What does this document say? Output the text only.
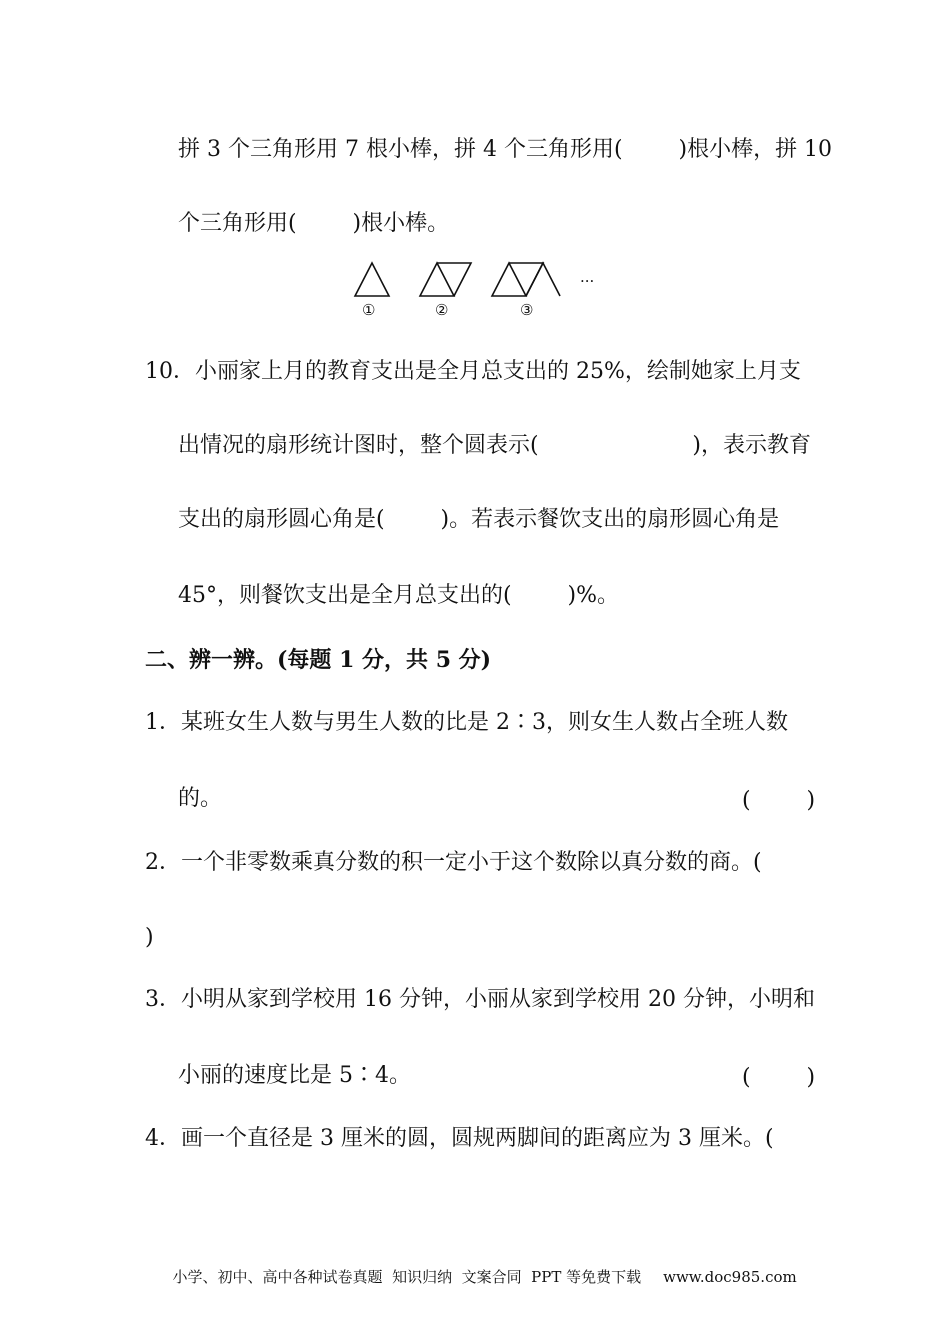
拼 3 个三角形用 7 根小棒，拼 4 个三角形用(        )根小棒，拼 10
个三角形用(        )根小棒。
①	②	③
···
10．小丽家上月的教育支出是全月总支出的 25%，绘制她家上月支
出情况的扇形统计图时，整个圆表示(                      )，表示教育
支出的扇形圆心角是(        )。若表示餐饮支出的扇形圆心角是
45°，则餐饮支出是全月总支出的(        )%。
二、辨一辨。(每题 1 分，共 5 分)
1．某班女生人数与男生人数的比是 2∶3，则女生人数占全班人数
的。	(        )
2．一个非零数乘真分数的积一定小于这个数除以真分数的商。(
)
3．小明从家到学校用 16 分钟，小丽从家到学校用 20 分钟，小明和
小丽的速度比是 5∶4。	(        )
4．画一个直径是 3 厘米的圆，圆规两脚间的距离应为 3 厘米。(

小学、初中、高中各种试卷真题  知识归纳  文案合同  PPT 等免费下载 www.doc985.com
